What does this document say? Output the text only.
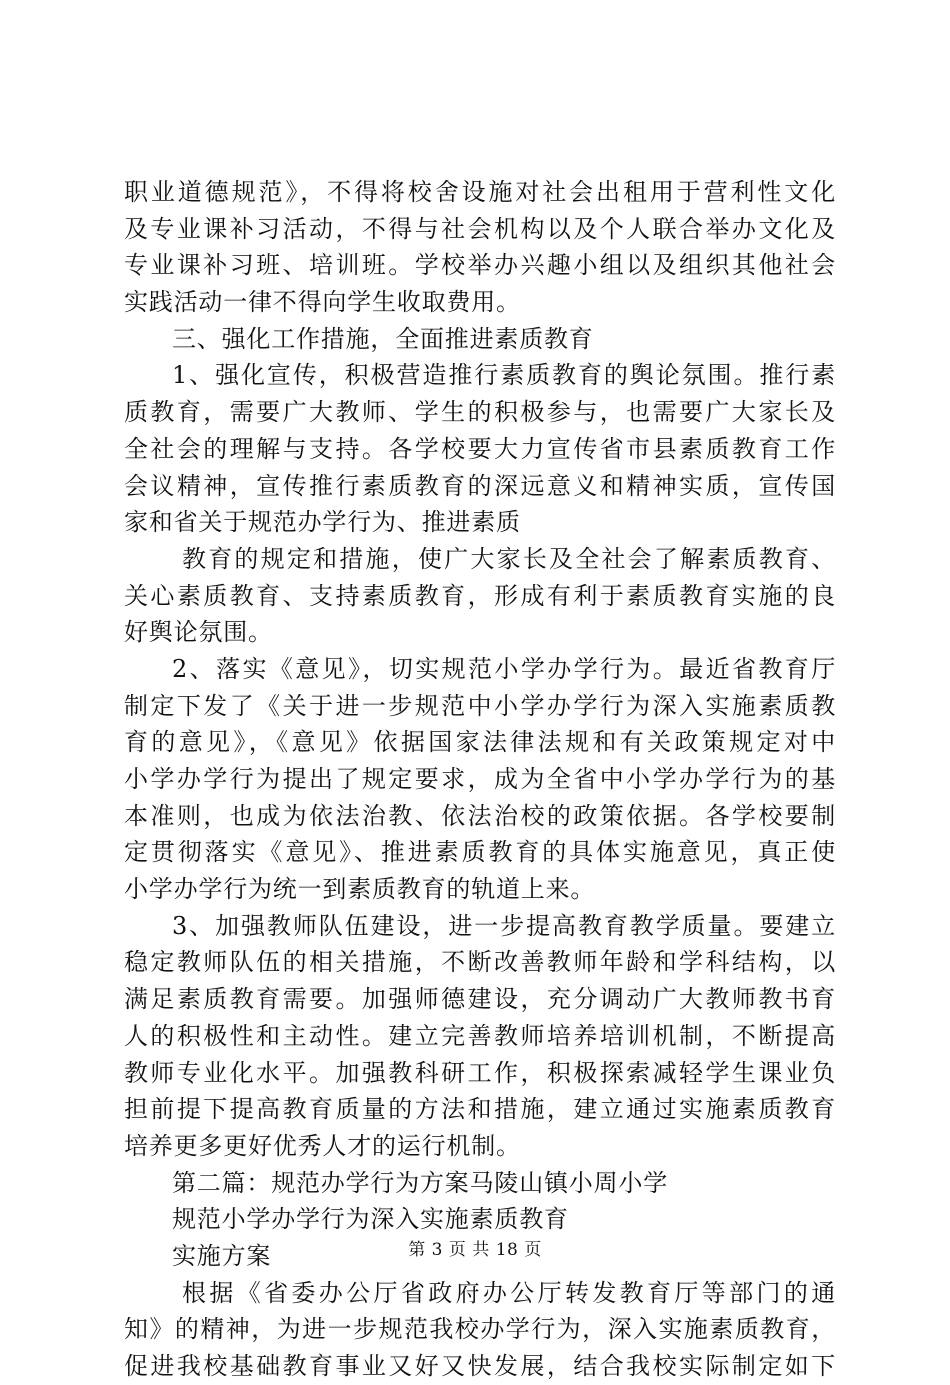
职业道德规范》，不得将校舍设施对社会出租用于营利性文化
及专业课补习活动，不得与社会机构以及个人联合举办文化及
专业课补习班、培训班。学校举办兴趣小组以及组织其他社会
实践活动一律不得向学生收取费用。
三、强化工作措施，全面推进素质教育
1、强化宣传，积极营造推行素质教育的舆论氛围。推行素
质教育，需要广大教师、学生的积极参与，也需要广大家长及
全社会的理解与支持。各学校要大力宣传省市县素质教育工作
会议精神，宣传推行素质教育的深远意义和精神实质，宣传国
家和省关于规范办学行为、推进素质
教育的规定和措施，使广大家长及全社会了解素质教育、
关心素质教育、支持素质教育，形成有利于素质教育实施的良
好舆论氛围。
2、落实《意见》，切实规范小学办学行为。最近省教育厅
制定下发了《关于进一步规范中小学办学行为深入实施素质教
育的意见》，《意见》依据国家法律法规和有关政策规定对中
小学办学行为提出了规定要求，成为全省中小学办学行为的基
本准则，也成为依法治教、依法治校的政策依据。各学校要制
定贯彻落实《意见》、推进素质教育的具体实施意见，真正使
小学办学行为统一到素质教育的轨道上来。
3、加强教师队伍建设，进一步提高教育教学质量。要建立
稳定教师队伍的相关措施，不断改善教师年龄和学科结构，以
满足素质教育需要。加强师德建设，充分调动广大教师教书育
人的积极性和主动性。建立完善教师培养培训机制，不断提高
教师专业化水平。加强教科研工作，积极探索减轻学生课业负
担前提下提高教育质量的方法和措施，建立通过实施素质教育
培养更多更好优秀人才的运行机制。
第二篇：规范办学行为方案马陵山镇小周小学
规范小学办学行为深入实施素质教育
实施方案
根据《省委办公厅省政府办公厅转发教育厅等部门的通
知》的精神，为进一步规范我校办学行为，深入实施素质教育，
促进我校基础教育事业又好又快发展，结合我校实际制定如下
第 3 页 共 18 页
